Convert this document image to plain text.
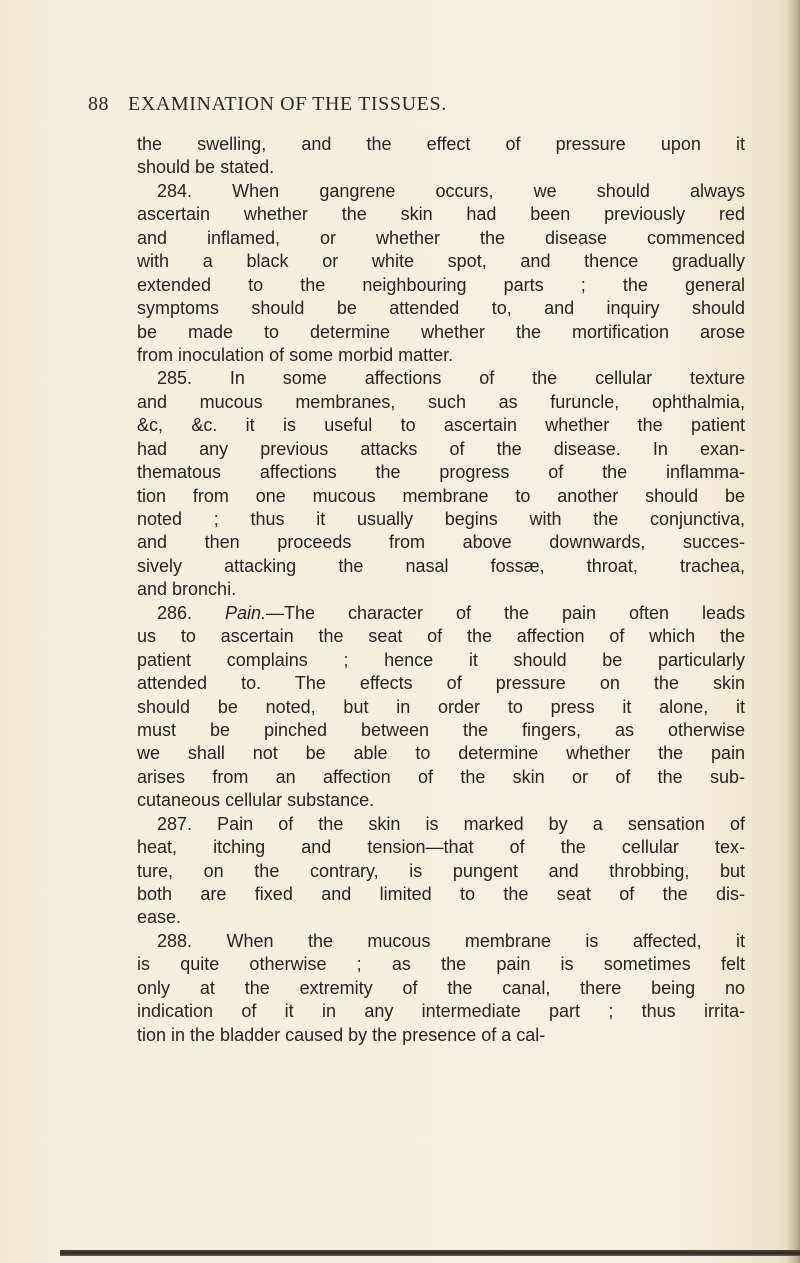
88 EXAMINATION OF THE TISSUES.
the swelling, and the effect of pressure upon it
should be stated.
284. When gangrene occurs, we should always
ascertain whether the skin had been previously red
and inflamed, or whether the disease commenced
with a black or white spot, and thence gradually
extended to the neighbouring parts ; the general
symptoms should be attended to, and inquiry should
be made to determine whether the mortification arose
from inoculation of some morbid matter.
285. In some affections of the cellular texture
and mucous membranes, such as furuncle, ophthalmia,
&c, &c. it is useful to ascertain whether the patient
had any previous attacks of the disease. In exan-
thematous affections the progress of the inflamma-
tion from one mucous membrane to another should be
noted ; thus it usually begins with the conjunctiva,
and then proceeds from above downwards, succes-
sively attacking the nasal fossæ, throat, trachea,
and bronchi.
286. Pain.—The character of the pain often leads
us to ascertain the seat of the affection of which the
patient complains ; hence it should be particularly
attended to. The effects of pressure on the skin
should be noted, but in order to press it alone, it
must be pinched between the fingers, as otherwise
we shall not be able to determine whether the pain
arises from an affection of the skin or of the sub-
cutaneous cellular substance.
287. Pain of the skin is marked by a sensation of
heat, itching and tension—that of the cellular tex-
ture, on the contrary, is pungent and throbbing, but
both are fixed and limited to the seat of the dis-
ease.
288. When the mucous membrane is affected, it
is quite otherwise ; as the pain is sometimes felt
only at the extremity of the canal, there being no
indication of it in any intermediate part ; thus irrita-
tion in the bladder caused by the presence of a cal-
